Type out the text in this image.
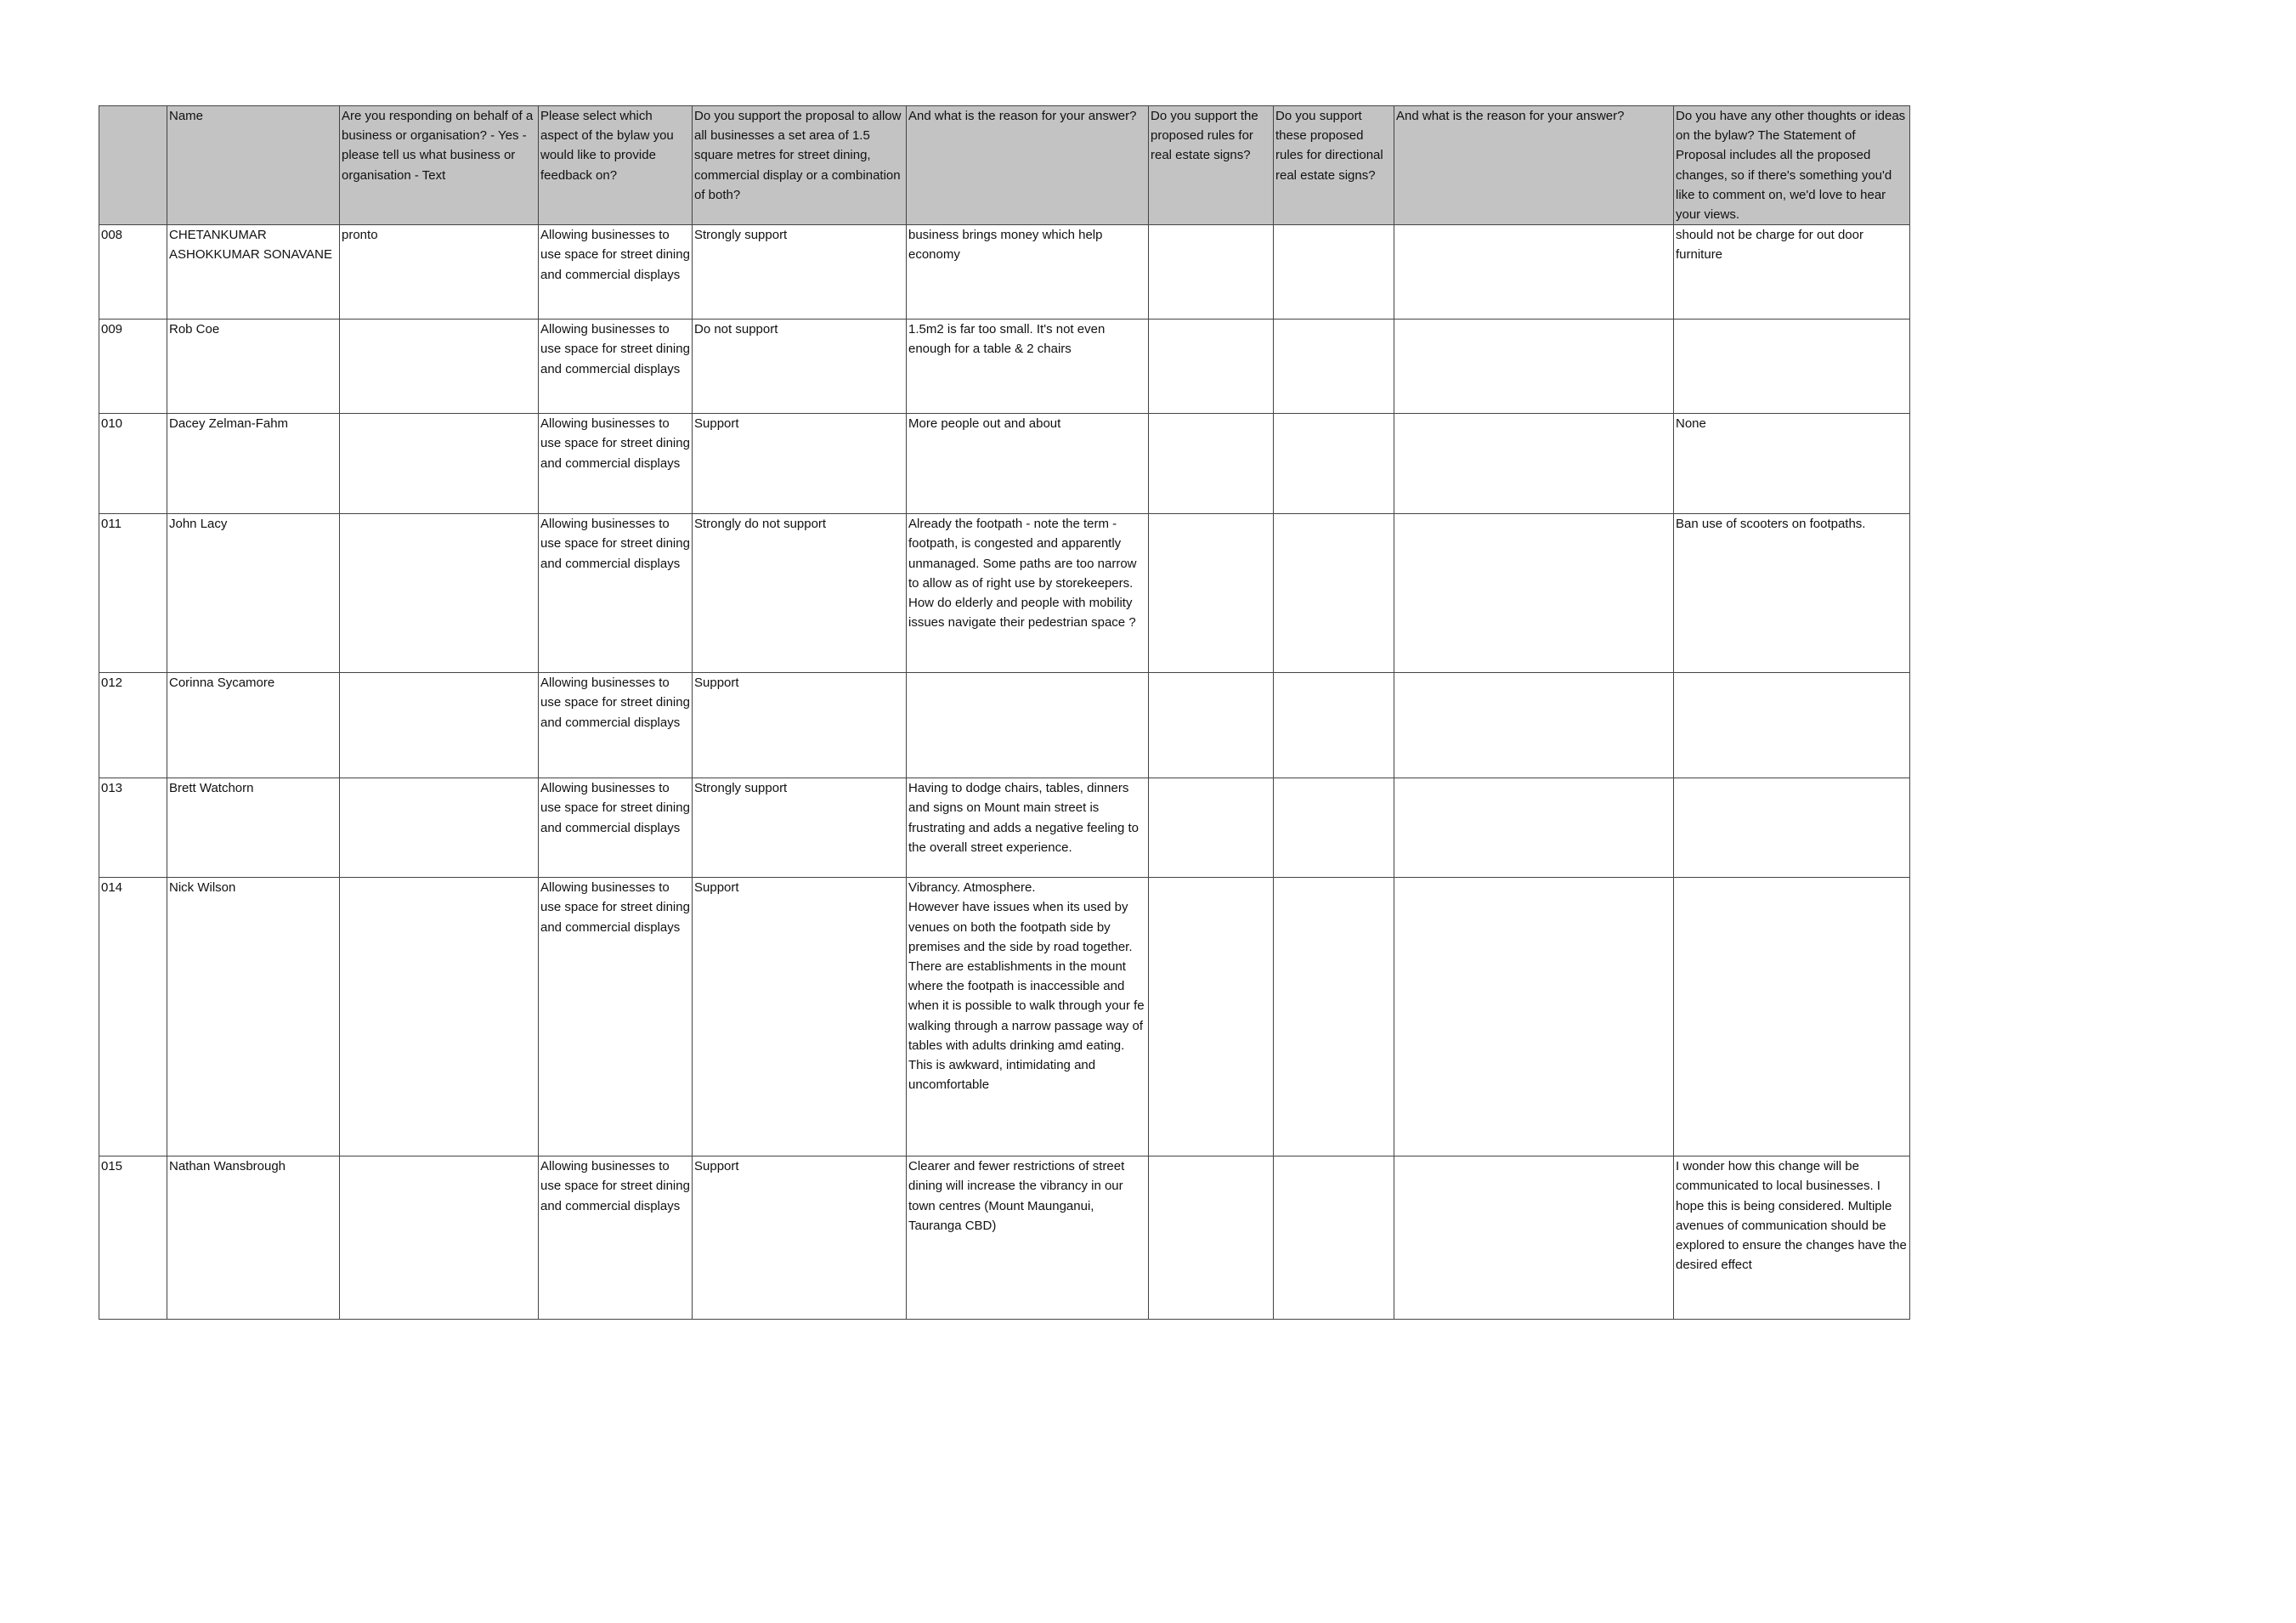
	Name	Are you responding on behalf of a business or organisation? - Yes - please tell us what business or organisation - Text	Please select which aspect of the bylaw you would like to provide feedback on?	Do you support the proposal to allow all businesses a set area of 1.5 square metres for street dining, commercial display or a combination of both?	And what is the reason for your answer?	Do you support the proposed rules for real estate signs?	Do you support these proposed rules for directional real estate signs?	And what is the reason for your answer?	Do you have any other thoughts or ideas on the bylaw? The Statement of Proposal includes all the proposed changes, so if there's something you'd like to comment on, we'd love to hear your views.
008	CHETANKUMAR ASHOKKUMAR SONAVANE	pronto	Allowing businesses to use space for street dining and commercial displays	Strongly support	business brings money which help economy				should not be charge for out door furniture
009	Rob Coe		Allowing businesses to use space for street dining and commercial displays	Do not support	1.5m2 is far too small. It's not even enough for a table & 2 chairs				
010	Dacey Zelman-Fahm		Allowing businesses to use space for street dining and commercial displays	Support	More people out and about				None
011	John Lacy		Allowing businesses to use space for street dining and commercial displays	Strongly do not support	Already the footpath - note the term - footpath, is congested and apparently unmanaged. Some paths are too narrow to allow as of right use by storekeepers. How do elderly and people with mobility issues navigate their pedestrian space ?				Ban use of scooters on footpaths.
012	Corinna Sycamore		Allowing businesses to use space for street dining and commercial displays	Support					
013	Brett Watchorn		Allowing businesses to use space for street dining and commercial displays	Strongly support	Having to dodge chairs, tables, dinners and signs on Mount main street is frustrating and adds a negative feeling to the overall street experience.				
014	Nick Wilson		Allowing businesses to use space for street dining and commercial displays	Support	Vibrancy. Atmosphere.
However have issues when its used by venues on both the footpath side by premises and the side by road together. There are establishments in the mount where the footpath is inaccessible and when it is possible to walk through your fe walking through a narrow passage way of tables with adults drinking amd eating. This is awkward, intimidating and uncomfortable				
015	Nathan Wansbrough		Allowing businesses to use space for street dining and commercial displays	Support	Clearer and fewer restrictions of street dining will increase the vibrancy in our town centres (Mount Maunganui, Tauranga CBD)				I wonder how this change will be communicated to local businesses. I hope this is being considered. Multiple avenues of communication should be explored to ensure the changes have the desired effect
